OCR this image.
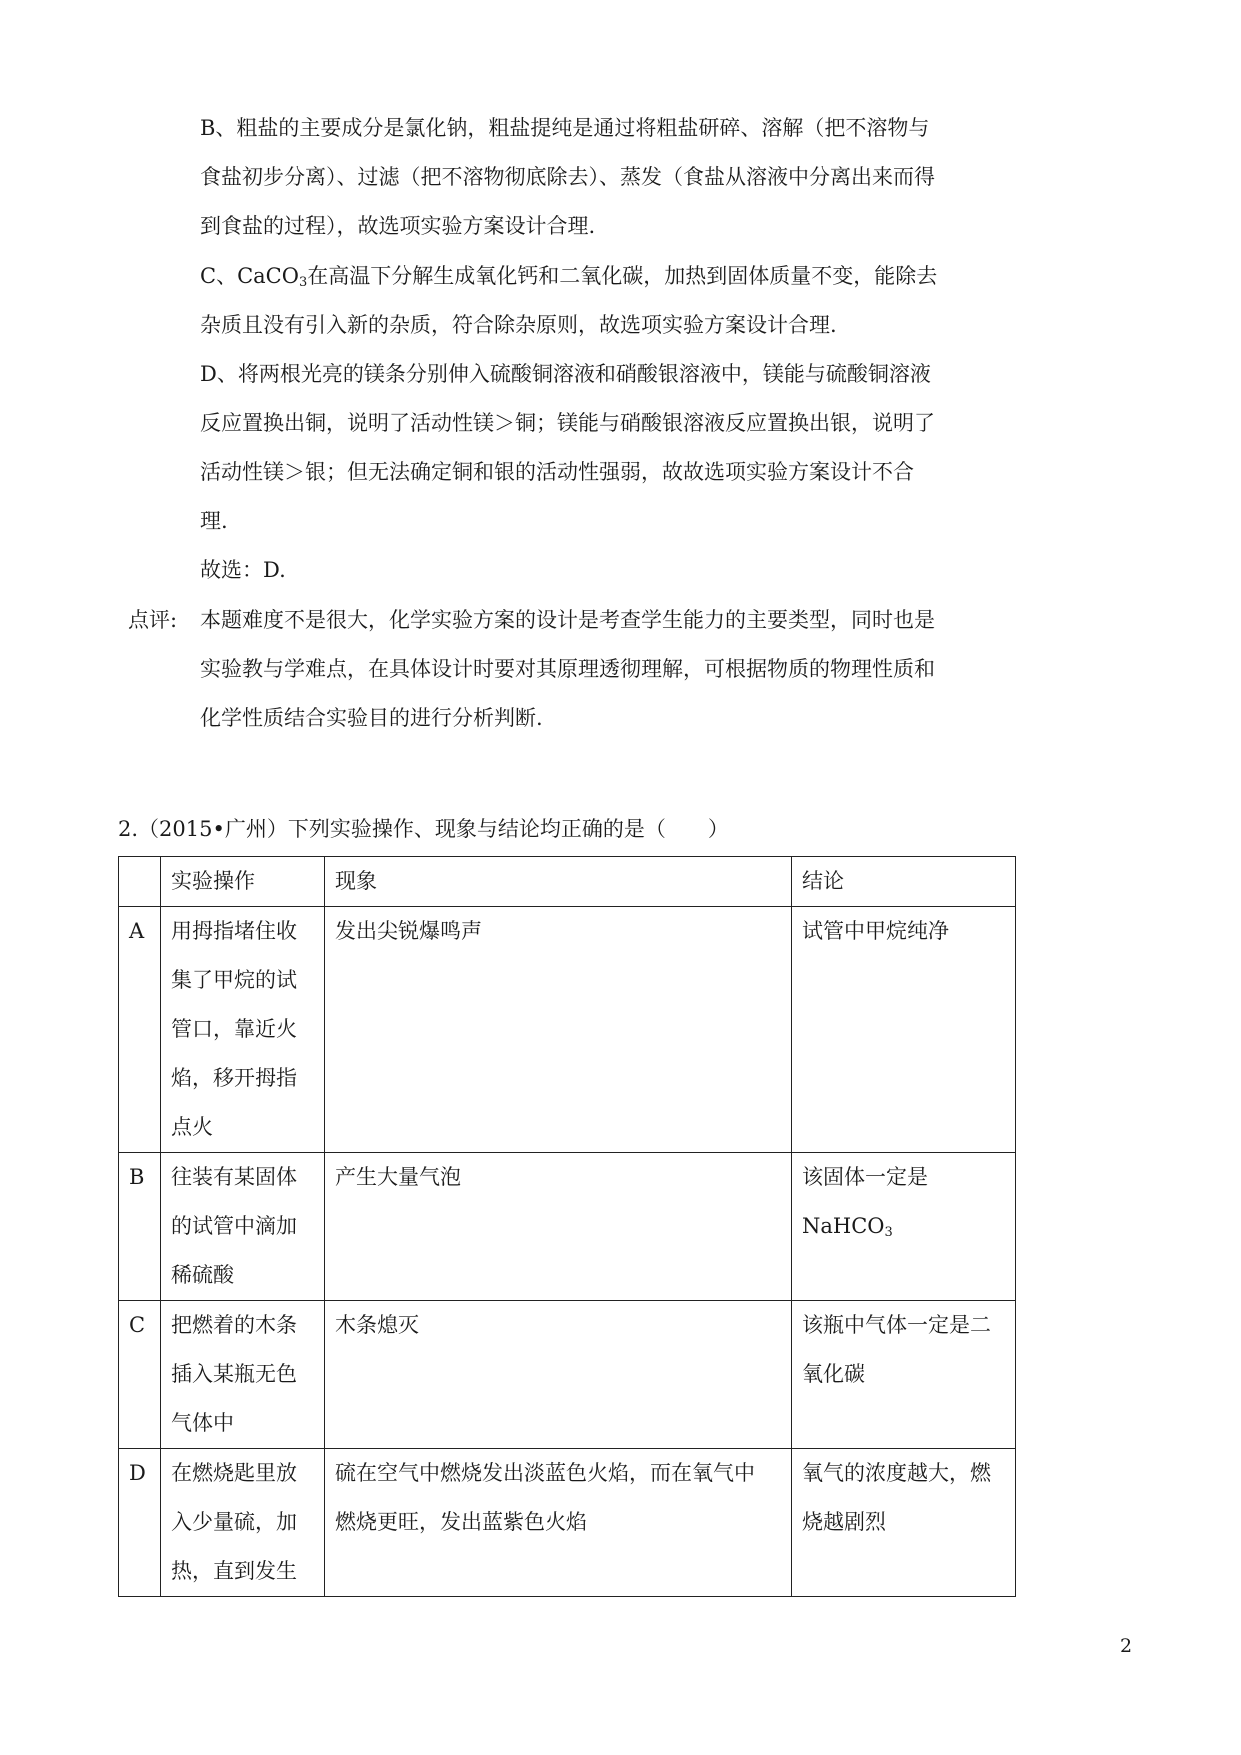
B、粗盐的主要成分是氯化钠，粗盐提纯是通过将粗盐研碎、溶解（把不溶物与

食盐初步分离）、过滤（把不溶物彻底除去）、蒸发（食盐从溶液中分离出来而得

到食盐的过程），故选项实验方案设计合理.

C、CaCO$_3$在高温下分解生成氧化钙和二氧化碳，加热到固体质量不变，能除去

杂质且没有引入新的杂质，符合除杂原则，故选项实验方案设计合理.

D、将两根光亮的镁条分别伸入硫酸铜溶液和硝酸银溶液中，镁能与硫酸铜溶液

反应置换出铜，说明了活动性镁＞铜；镁能与硝酸银溶液反应置换出银，说明了

活动性镁＞银；但无法确定铜和银的活动性强弱，故故选项实验方案设计不合

理.

故选：D.

点评: 本题难度不是很大，化学实验方案的设计是考查学生能力的主要类型，同时也是

实验教与学难点，在具体设计时要对其原理透彻理解，可根据物质的物理性质和

化学性质结合实验目的进行分析判断.

2.（2015•广州）下列实验操作、现象与结论均正确的是（　　）
	实验操作	现象	结论
A	用拇指堵住收
集了甲烷的试
管口，靠近火
焰，移开拇指
点火	发出尖锐爆鸣声	试管中甲烷纯净

B	往装有某固体
的试管中滴加
稀硫酸	产生大量气泡	该固体一定是
NaHCO$_3$

C	把燃着的木条
插入某瓶无色
气体中	木条熄灭	该瓶中气体一定是二
氧化碳

D	在燃烧匙里放
入少量硫，加
热，直到发生	硫在空气中燃烧发出淡蓝色火焰，而在氧气中
燃烧更旺，发出蓝紫色火焰	氧气的浓度越大，燃
烧越剧烈
2
